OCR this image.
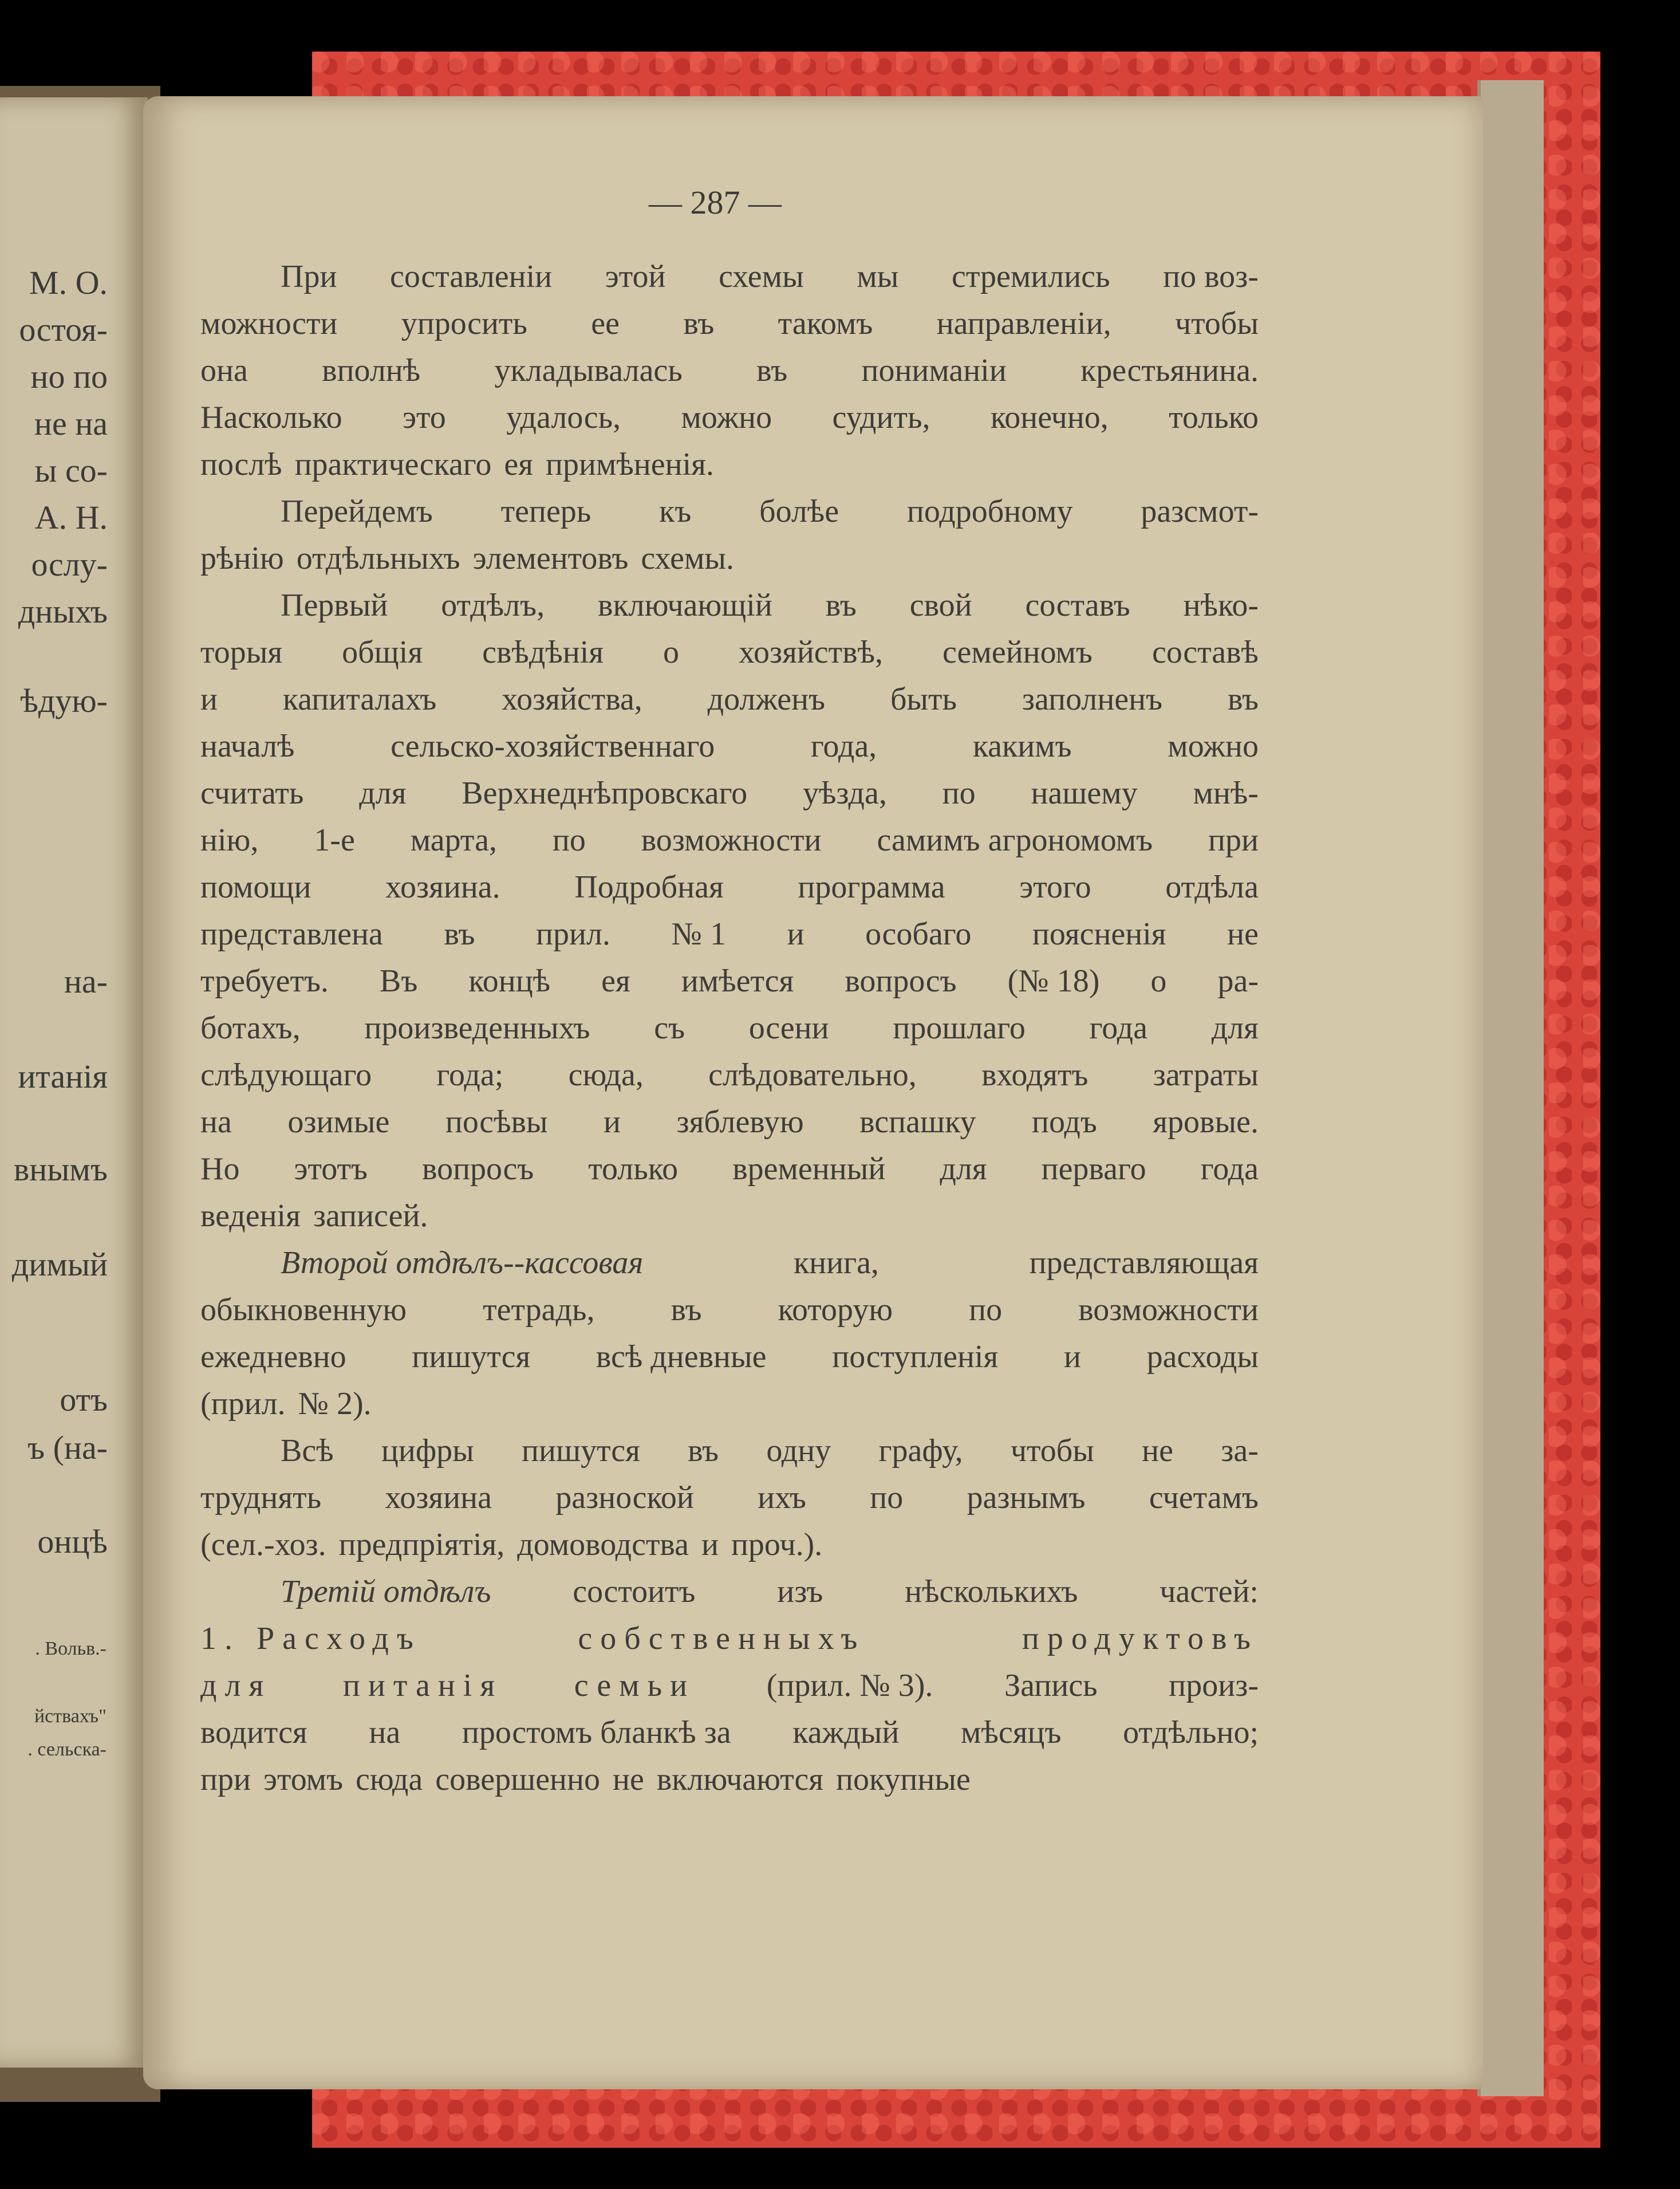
М. О.
остоя-
но по
не на
ы со-
А. Н.
ослу-
дныхъ
ѣдую-
на-
итанія
внымъ
димый
отъ
ъ (на-
онцѣ
. Вольв.-
йствахъ"
. сельска-
— 287 —
При составленіи этой схемы мы стремились по воз-
можности упросить ее въ такомъ направленіи, чтобы
она вполнѣ укладывалась въ пониманіи крестьянина.
Насколько это удалось, можно судить, конечно, только
послѣ практическаго ея примѣненія.
Перейдемъ теперь къ болѣе подробному разсмот-
рѣнію отдѣльныхъ элементовъ схемы.
Первый отдѣлъ, включающій въ свой составъ нѣко-
торыя общія свѣдѣнія о хозяйствѣ, семейномъ составѣ
и капиталахъ хозяйства, долженъ быть заполненъ въ
началѣ	сельско-хозяйственнаго	года,	какимъ	можно
считать для Верхнеднѣпровскаго уѣзда, по нашему мнѣ-
нію, 1-е марта, по возможности самимъ агрономомъ при
помощи хозяина. Подробная программа этого отдѣла
представлена въ прил. № 1 и особаго поясненія не
требуетъ. Въ концѣ ея имѣется вопросъ (№ 18) о ра-
ботахъ, произведенныхъ съ осени прошлаго года для
слѣдующаго года; сюда, слѣдовательно, входятъ затраты
на озимые посѣвы и зяблевую вспашку подъ яровые.
Но этотъ вопросъ только временный для перваго года
веденія записей.
Второй отдѣлъ--кассовая	книга,	представляющая
обыкновенную тетрадь, въ которую по возможности
ежедневно пишутся всѣ дневные поступленія и расходы
(прил. № 2).
Всѣ цифры пишутся въ одну графу, чтобы не за-
труднять хозяина разноской ихъ по разнымъ счетамъ
(сел.-хоз. предпріятія, домоводства и проч.).
Третій отдѣлъ	состоитъ	изъ	нѣсколькихъ	частей:
1. Расходъ	собственныхъ	продуктовъ
для питанія семьи (прил. № 3). Запись произ-
водится на простомъ бланкѣ за каждый мѣсяцъ отдѣльно;
при этомъ сюда совершенно не включаются покупные
